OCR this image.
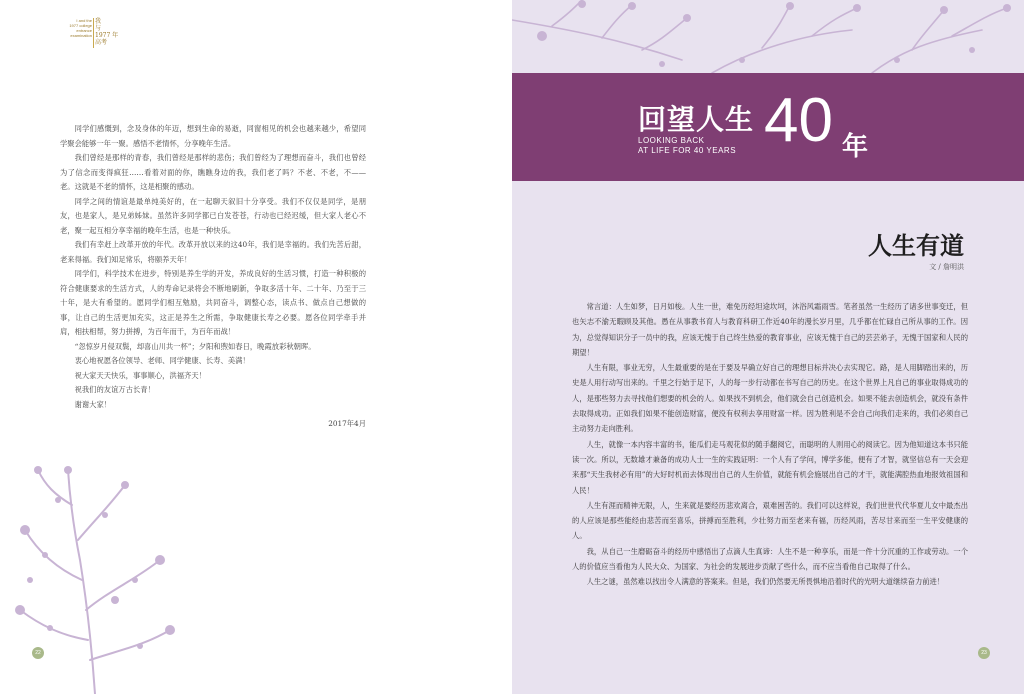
I and the
1977 college
entrance
examination
我
与
1977 年
高考

同学们感慨到，念及身体的年迈，想到生命的易逝，同窗相见的机会也越来越少，希望同学聚会能够一年一聚。感悟不老情怀，分享晚年生活。

我们曾经是那样的青春，我们曾经是那样的悲伤；我们曾经为了理想而奋斗，我们也曾经为了信念而变得疯狂……看着对面的你，瞧瞧身边的我，我们老了吗？不老、不老，不——老。这就是不老的情怀，这是相聚的感动。

同学之间的情谊是最单纯美好的，在一起聊天叙旧十分享受。我们不仅仅是同学，是朋友，也是家人，是兄弟姊妹。虽然许多同学都已白发苍苍，行动也已经迟缓，但大家人老心不老，聚一起互相分享幸福的晚年生活，也是一种快乐。

我们有幸赶上改革开放的年代。改革开放以来的这40年，我们是幸福的。我们先苦后甜，老来得福。我们知足常乐，将颐养天年！

同学们，科学技术在进步，特别是养生学的开发，养成良好的生活习惯，打造一种积极的符合健康要求的生活方式，人的寿命记录将会不断地刷新，争取多活十年、二十年、乃至于三十年，是大有希望的。愿同学们相互勉励，共同奋斗，调整心态，读点书、做点自己想做的事，让自己的生活更加充实，这正是养生之所需，争取健康长寿之必要。愿各位同学牵手并肩，相扶相帮，努力拼搏，为百年而干，为百年而战！

“忽惊岁月侵双鬓，却喜山川共一杯”；夕阳和煦如春日，晚霞放彩秋朝晖。

衷心地祝愿各位领导、老师、同学健康、长寿、美满！

祝大家天天快乐，事事顺心，洪福齐天！

祝我们的友谊万古长青！

谢谢大家！

2017年4月

22
回望人生
LOOKING BACK
AT LIFE FOR 40 YEARS 40 年
人生有道
文 / 詹明洪

常言道：人生如梦，日月如梭。人生一世，难免历经坦途坎坷，沐浴风霜雨雪。笔者虽然一生经历了诸多世事变迁，但也矢志不渝无暇顾及其他。愚在从事教书育人与教育科研工作近40年的漫长岁月里，几乎都在忙碌自己所从事的工作。因为，总觉得知识分子一员中的我，应该无愧于自己终生热爱的教育事业，应该无愧于自己的芸芸弟子，无愧于国家和人民的期望！

人生有限，事业无穷，人生最重要的是在于要及早确立好自己的理想目标并决心去实现它。路，是人用脚踏出来的，历史是人用行动写出来的。千里之行始于足下，人的每一步行动都在书写自己的历史。在这个世界上凡自己的事业取得成功的人，是那些努力去寻找他们想要的机会的人。如果找不到机会，他们就会自己创造机会。如果不能去创造机会，就没有条件去取得成功。正如我们如果不能创造财富，便没有权利去享用财富一样。因为胜利是不会自己向我们走来的，我们必须自己主动努力走向胜利。

人生，就像一本内容丰富的书，能瓜们走马观花似的随手翻阅它，而聪明的人则用心的阅读它。因为他知道这本书只能读一次。所以，无数雄才兼备的成功人士一生的实践证明：一个人有了学问，博学多能，便有了才智，就坚信总有一天会迎来那“天生我材必有用”的大好时机而去体现出自己的人生价值，就能有机会施展出自己的才干，就能满腔热血地报效祖国和人民！

人生有涯而精神无限，人，生来就是要经历悲欢离合，艰难困苦的。我们可以这样说，我们世世代代华夏儿女中最杰出的人应该是那些能经由悲苦而至喜乐，拼搏而至胜利，少壮努力而至老来有福，历经风雨，苦尽甘来而至一生平安健康的人。

我，从自己一生磨砺奋斗的经历中感悟出了点滴人生真谛：人生不是一种享乐，而是一件十分沉重的工作或劳动。一个人的价值应当看他为人民大众、为国家、为社会的发展进步贡献了些什么，而不应当看他自己取得了什么。

人生之谜，虽然难以找出令人满意的答案来。但是，我们仍然要无所畏惧地沿着时代的光明大道继续奋力前进！

23
